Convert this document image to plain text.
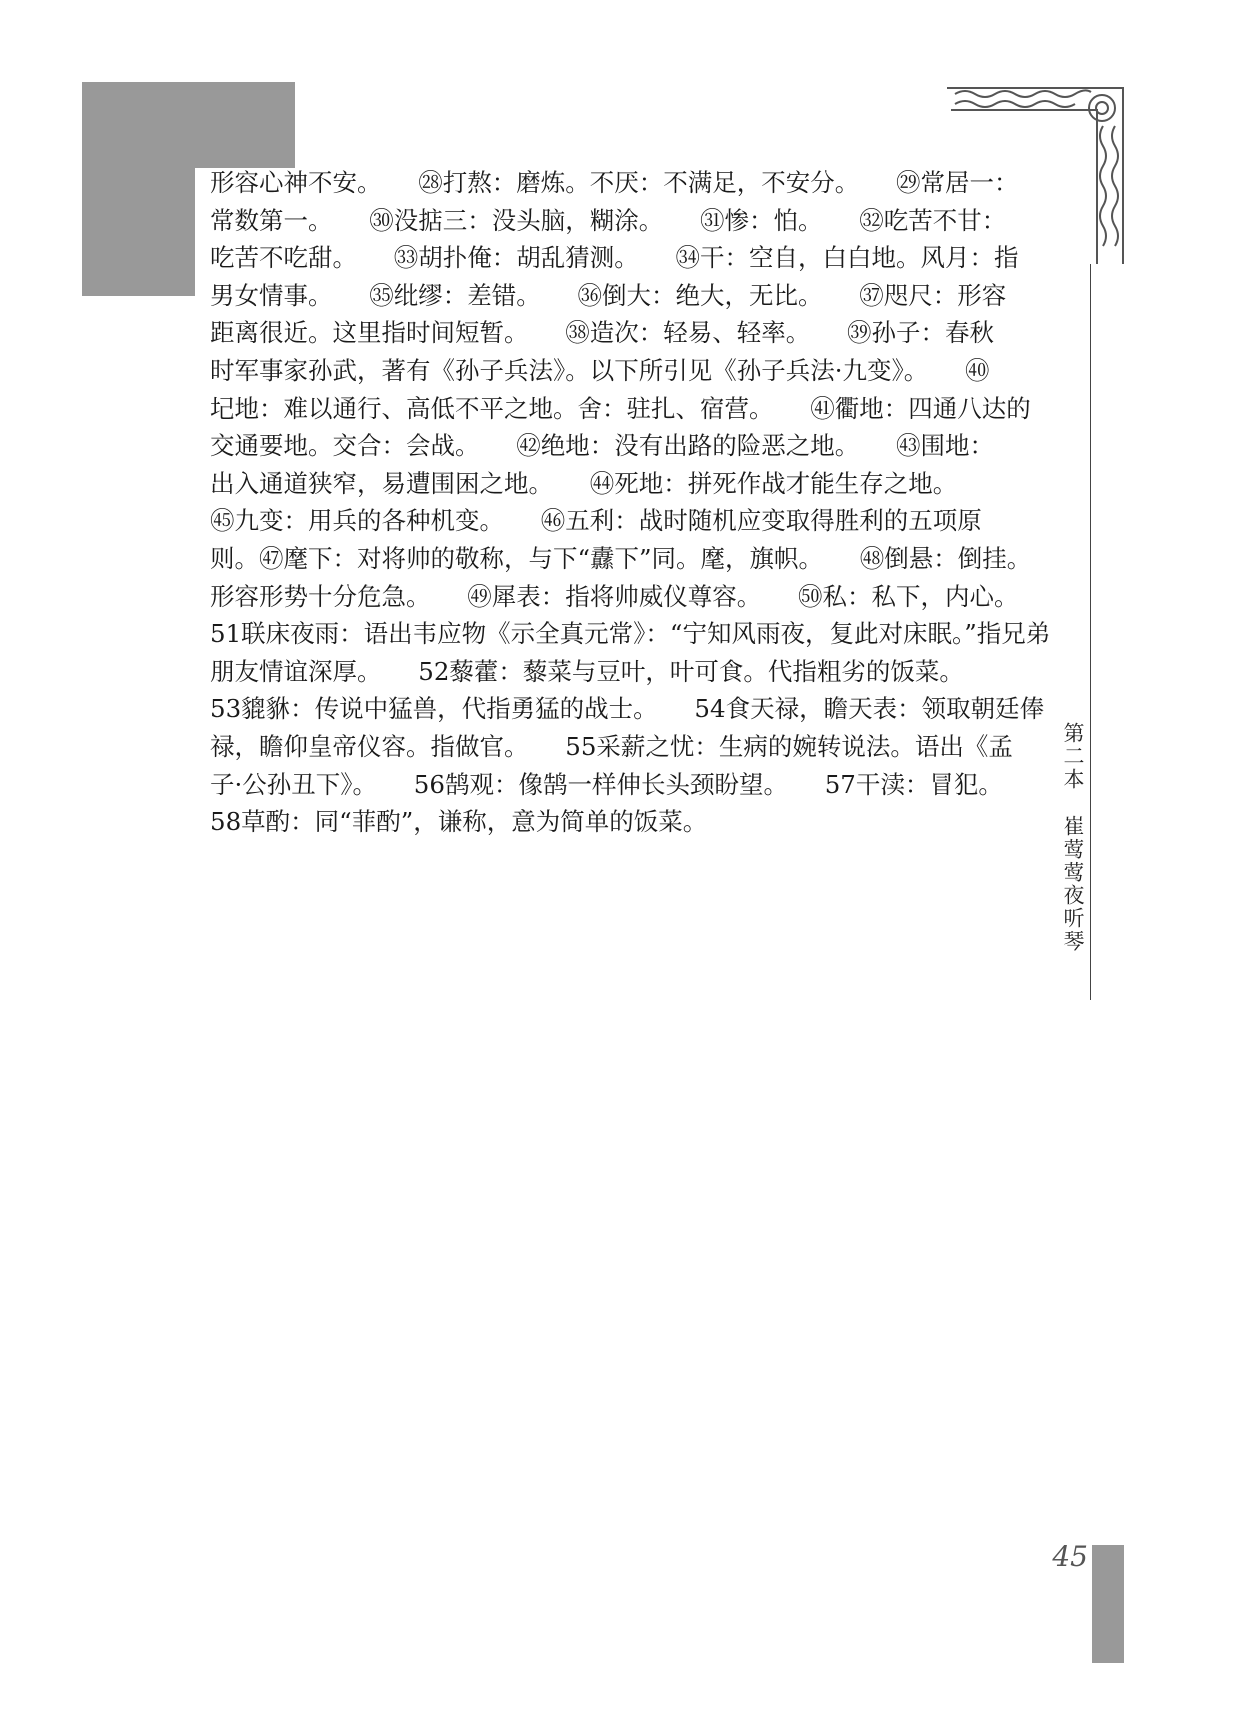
形容心神不安。　　㉘打熬：磨炼。不厌：不满足，不安分。　　㉙常居一：
常数第一。　　㉚没掂三：没头脑，糊涂。　　㉛惨：怕。　　㉜吃苦不甘：
吃苦不吃甜。　　㉝胡扑俺：胡乱猜测。　　㉞干：空自，白白地。风月：指
男女情事。　　㉟纰缪：差错。　　㊱倒大：绝大，无比。　　㊲咫尺：形容
距离很近。这里指时间短暂。　　㊳造次：轻易、轻率。　　㊴孙子：春秋
时军事家孙武，著有《孙子兵法》。以下所引见《孙子兵法·九变》。　　㊵
圮地：难以通行、高低不平之地。舍：驻扎、宿营。　　㊶衢地：四通八达的
交通要地。交合：会战。　　㊷绝地：没有出路的险恶之地。　　㊸围地：
出入通道狭窄，易遭围困之地。　　㊹死地：拼死作战才能生存之地。
㊺九变：用兵的各种机变。　　㊻五利：战时随机应变取得胜利的五项原
则。㊼麾下：对将帅的敬称，与下“纛下”同。麾，旗帜。　　㊽倒悬：倒挂。
形容形势十分危急。　　㊾犀表：指将帅威仪尊容。　　㊿私：私下，内心。
51联床夜雨：语出韦应物《示全真元常》：“宁知风雨夜，复此对床眠。”指兄弟
朋友情谊深厚。　　52藜藿：藜菜与豆叶，叶可食。代指粗劣的饭菜。
53貔貅：传说中猛兽，代指勇猛的战士。　　54食天禄，瞻天表：领取朝廷俸
禄，瞻仰皇帝仪容。指做官。　　55采薪之忧：生病的婉转说法。语出《孟
子·公孙丑下》。　　56鹄观：像鹄一样伸长头颈盼望。　　57干渎：冒犯。
58草酌：同“菲酌”，谦称，意为简单的饭菜。
第二本崔莺莺夜听琴
45
